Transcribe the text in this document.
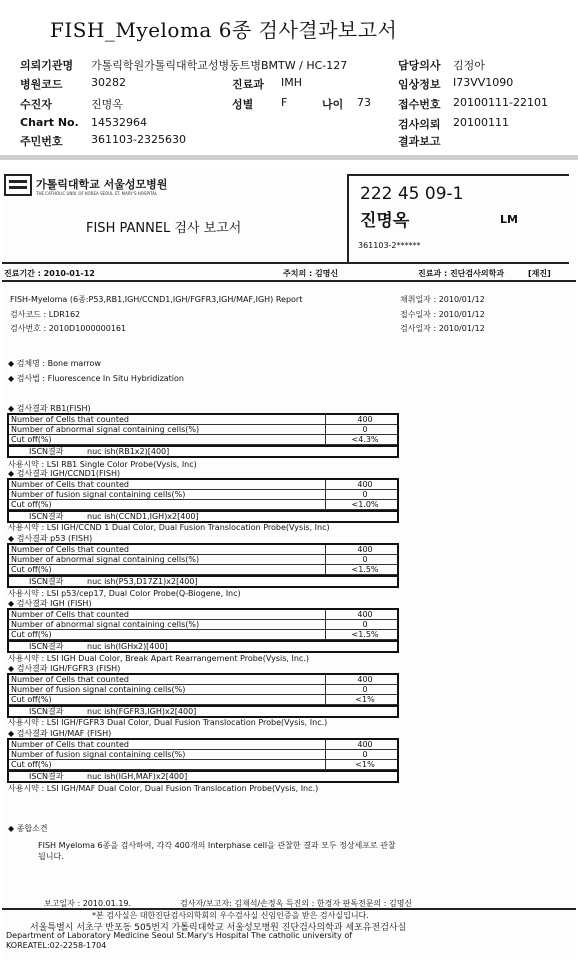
FISH_Myeloma 6종 검사결과보고서
의뢰기관명 가톨릭학원가톨릭대학교성병동트병BMTW / HC-127	담당의사 김정아
병원코드	30282	진료과 IMH	임상정보 I73VV1090
수진자	진명옥	성별	F	나이 73 접수번호 20100111-22101
Chart No. 14532964	검사의뢰 20100111
주민번호	361103-2325630	결과보고
가톨릭대학교 서울성모병원
THE CATHOLIC UNIV. OF KOREA SEOUL ST. MARY'S HOSPITAL
FISH PANNEL 검사 보고서
222 45 09-1
진명옥	LM
361103-2******
진료기간 : 2010-01-12	주치의 : 김명신	진료과 : 진단검사의학과	[재진]
FISH-Myeloma (6종:P53,RB1,IGH/CCND1,IGH/FGFR3,IGH/MAF,IGH) Report
검사코드 : LDR162
검사번호 : 2010D1000000161
채취일자 : 2010/01/12
접수일자 : 2010/01/12
검사일자 : 2010/01/12
◆ 검체명 : Bone marrow
◆ 검사법 : Fluorescence In Situ Hybridization
◆ 검사결과 RB1(FISH)
Number of Cells that counted	400
Number of abnormal signal containing cells(%)	0
Cut off(%)	<4.3%
ISCN결과	nuc ish(RB1x2)[400]
사용시약 : LSI RB1 Single Color Probe(Vysis, Inc)
◆ 검사결과 IGH/CCND1(FISH)
Number of Cells that counted	400
Number of fusion signal containing cells(%)	0
Cut off(%)	<1.0%
ISCN결과	nuc ish(CCND1,IGH)x2[400]
사용시약 : LSI IGH/CCND 1 Dual Color, Dual Fusion Translocation Probe(Vysis, Inc)
◆ 검사결과 p53 (FISH)
Number of Cells that counted	400
Number of abnormal signal containing cells(%)	0
Cut off(%)	<1.5%
ISCN결과	nuc ish(P53,D17Z1)x2[400]
사용시약 : LSI p53/cep17, Dual Color Probe(Q-Biogene, Inc)
◆ 검사결과 IGH (FISH)
Number of Cells that counted	400
Number of abnormal signal containing cells(%)	0
Cut off(%)	<1.5%
ISCN결과	nuc ish(IGHx2)[400]
사용시약 : LSI IGH Dual Color, Break Apart Rearrangement Probe(Vysis, Inc.)
◆ 검사결과 IGH/FGFR3 (FISH)
Number of Cells that counted	400
Number of fusion signal containing cells(%)	0
Cut off(%)	<1%
ISCN결과	nuc ish(FGFR3,IGH)x2[400]
사용시약 : LSI IGH/FGFR3 Dual Color, Dual Fusion Translocation Probe(Vysis, Inc.)
◆ 검사결과 IGH/MAF (FISH)
Number of Cells that counted	400
Number of fusion signal containing cells(%)	0
Cut off(%)	<1%
ISCN결과	nuc ish(IGH,MAF)x2[400]
사용시약 : LSI IGH/MAF Dual Color, Dual Fusion Translocation Probe(Vysis, Inc.)
◆ 종합소견
FISH Myeloma 6종을 검사하여, 각각 400개의 Interphase cell을 관찰한 결과 모두 정상세포로 관찰
됩니다.
보고일자 : 2010.01.19.	검사자/보고자: 김재석/손정옥 득진의 : 한경자 판독전문의 : 김명신
*본 검사실은 대한진단검사의학회의 우수검사실 신임인증을 받은 검사실입니다.
서울특별시 서초구 반포동 505번지 가톨릭대학교 서울성모병원 진단검사의학과 세포유전검사실
Department of Laboratory Medicine Seoul St.Mary's Hospital The catholic university of
KOREATEL:02-2258-1704
